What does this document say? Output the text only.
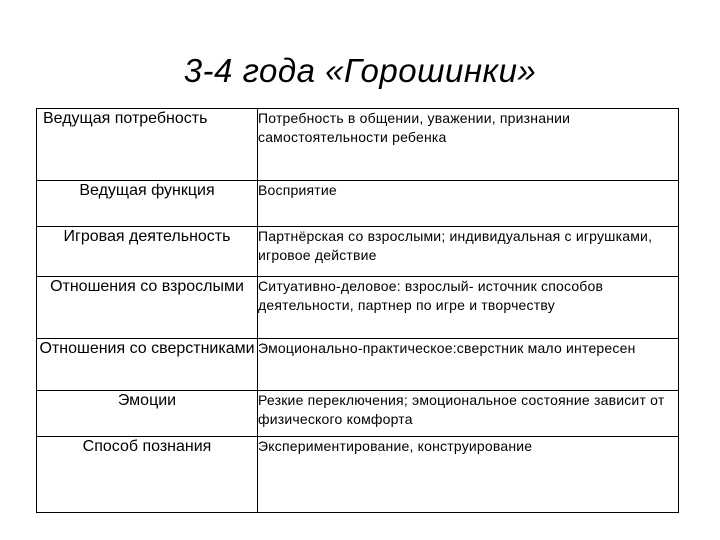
3-4 года «Горошинки»
Ведущая потребность	Потребность в общении, уважении, признании самостоятельности ребенка
Ведущая функция	Восприятие
Игровая деятельность	Партнёрская со взрослыми; индивидуальная с игрушками, игровое действие
Отношения со взрослыми	Ситуативно-деловое: взрослый- источник способов деятельности, партнер по игре и творчеству
Отношения со сверстниками	Эмоционально-практическое:сверстник мало интересен
Эмоции	Резкие переключения; эмоциональное состояние зависит от физического комфорта
Способ познания	Экспериментирование, конструирование
